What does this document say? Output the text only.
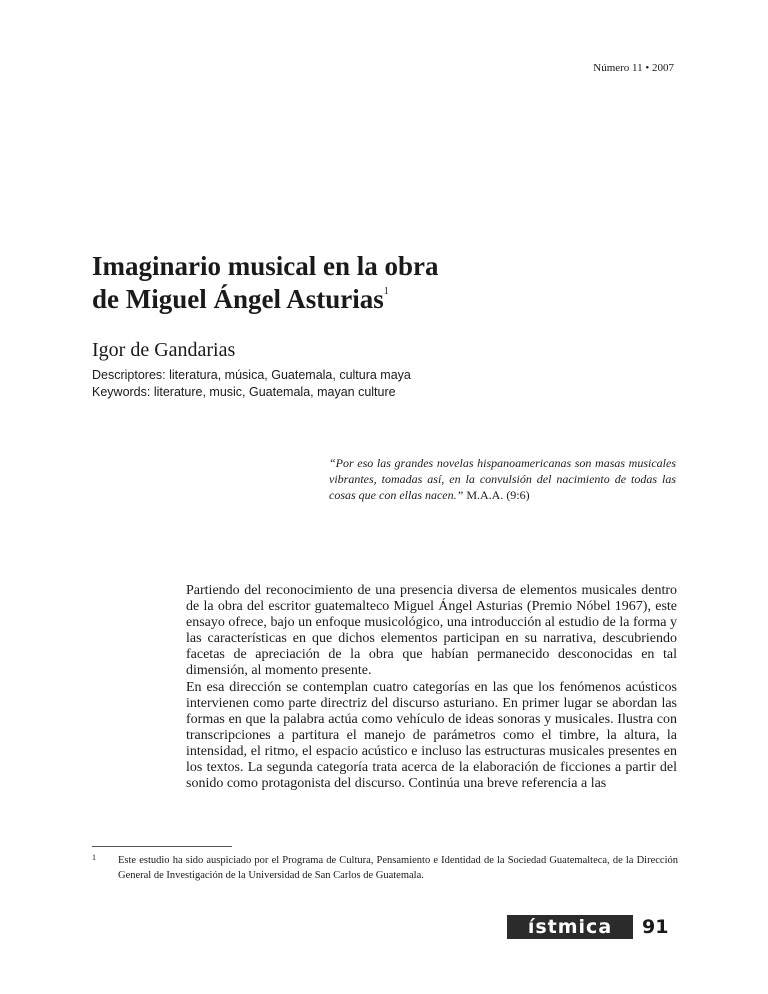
Número 11 • 2007
Imaginario musical en la obra
de Miguel Ángel Asturias$^1$
Igor de Gandarias
Descriptores: literatura, música, Guatemala, cultura maya
Keywords: literature, music, Guatemala, mayan culture
“Por eso las grandes novelas hispanoamericanas son masas musicales vibrantes, tomadas así, en la convulsión del nacimiento de todas las cosas que con ellas nacen.” M.A.A. (9:6)

Partiendo del reconocimiento de una presencia diversa de elementos musicales dentro de la obra del escritor guatemalteco Miguel Ángel Asturias (Premio Nóbel 1967), este ensayo ofrece, bajo un enfoque musicológico, una introducción al estudio de la forma y las características en que dichos elementos participan en su narrativa, descubriendo facetas de apreciación de la obra que habían permanecido desconocidas en tal dimensión, al momento presente.

En esa dirección se contemplan cuatro categorías en las que los fenómenos acústicos intervienen como parte directriz del discurso asturiano. En primer lugar se abordan las formas en que la palabra actúa como vehículo de ideas sonoras y musicales. Ilustra con transcripciones a partitura el manejo de parámetros como el timbre, la altura, la intensidad, el ritmo, el espacio acústico e incluso las estructuras musicales presentes en los textos. La segunda categoría trata acerca de la elaboración de ficciones a partir del sonido como protagonista del discurso. Continúa una breve referencia a las

1 Este estudio ha sido auspiciado por el Programa de Cultura, Pensamiento e Identidad de la Sociedad Guatemalteca, de la Dirección General de Investigación de la Universidad de San Carlos de Guatemala.
ístmica	91
